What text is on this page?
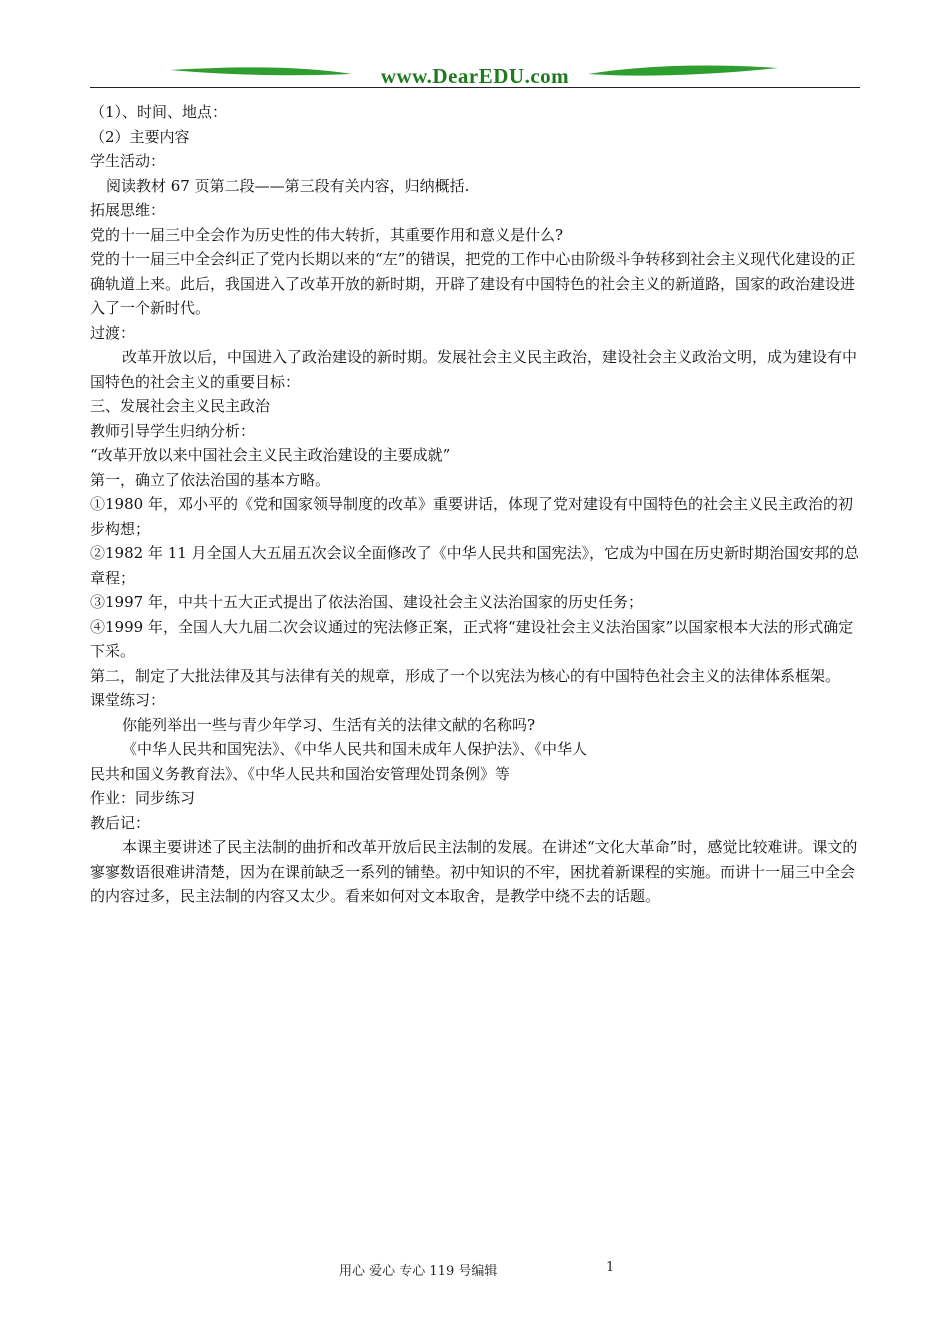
www.DearEDU.com

（1）、时间、地点：

（2）主要内容

学生活动：

阅读教材 67 页第二段——第三段有关内容，归纳概括.

拓展思维：

党的十一届三中全会作为历史性的伟大转折，其重要作用和意义是什么?

党的十一届三中全会纠正了党内长期以来的“左”的错误，把党的工作中心由阶级斗争转移到社会主义现代化建设的正确轨道上来。此后，我国进入了改革开放的新时期，开辟了建设有中国特色的社会主义的新道路，国家的政治建设进入了一个新时代。

过渡：

改革开放以后，中国进入了政治建设的新时期。发展社会主义民主政治，建设社会主义政治文明，成为建设有中国特色的社会主义的重要目标：

三、发展社会主义民主政治

教师引导学生归纳分析：

“改革开放以来中国社会主义民主政治建设的主要成就”

第一，确立了依法治国的基本方略。

①1980 年，邓小平的《党和国家领导制度的改革》重要讲话，体现了党对建设有中国特色的社会主义民主政治的初步构想；

②1982 年 11 月全国人大五届五次会议全面修改了《中华人民共和国宪法》，它成为中国在历史新时期治国安邦的总章程；

③1997 年，中共十五大正式提出了依法治国、建设社会主义法治国家的历史任务；

④1999 年，全国人大九届二次会议通过的宪法修正案，正式将“建设社会主义法治国家”以国家根本大法的形式确定下采。

第二，制定了大批法律及其与法律有关的规章，形成了一个以宪法为核心的有中国特色社会主义的法律体系框架。

课堂练习：

你能列举出一些与青少年学习、生活有关的法律文献的名称吗?

《中华人民共和国宪法》、《中华人民共和国未成年人保护法》、《中华人

民共和国义务教育法》、《中华人民共和国治安管理处罚条例》等

作业：同步练习

教后记：

本课主要讲述了民主法制的曲折和改革开放后民主法制的发展。在讲述“文化大革命”时，感觉比较难讲。课文的寥寥数语很难讲清楚，因为在课前缺乏一系列的铺垫。初中知识的不牢，困扰着新课程的实施。而讲十一届三中全会的内容过多，民主法制的内容又太少。看来如何对文本取舍，是教学中绕不去的话题。

用心 爱心 专心 119 号编辑	1
